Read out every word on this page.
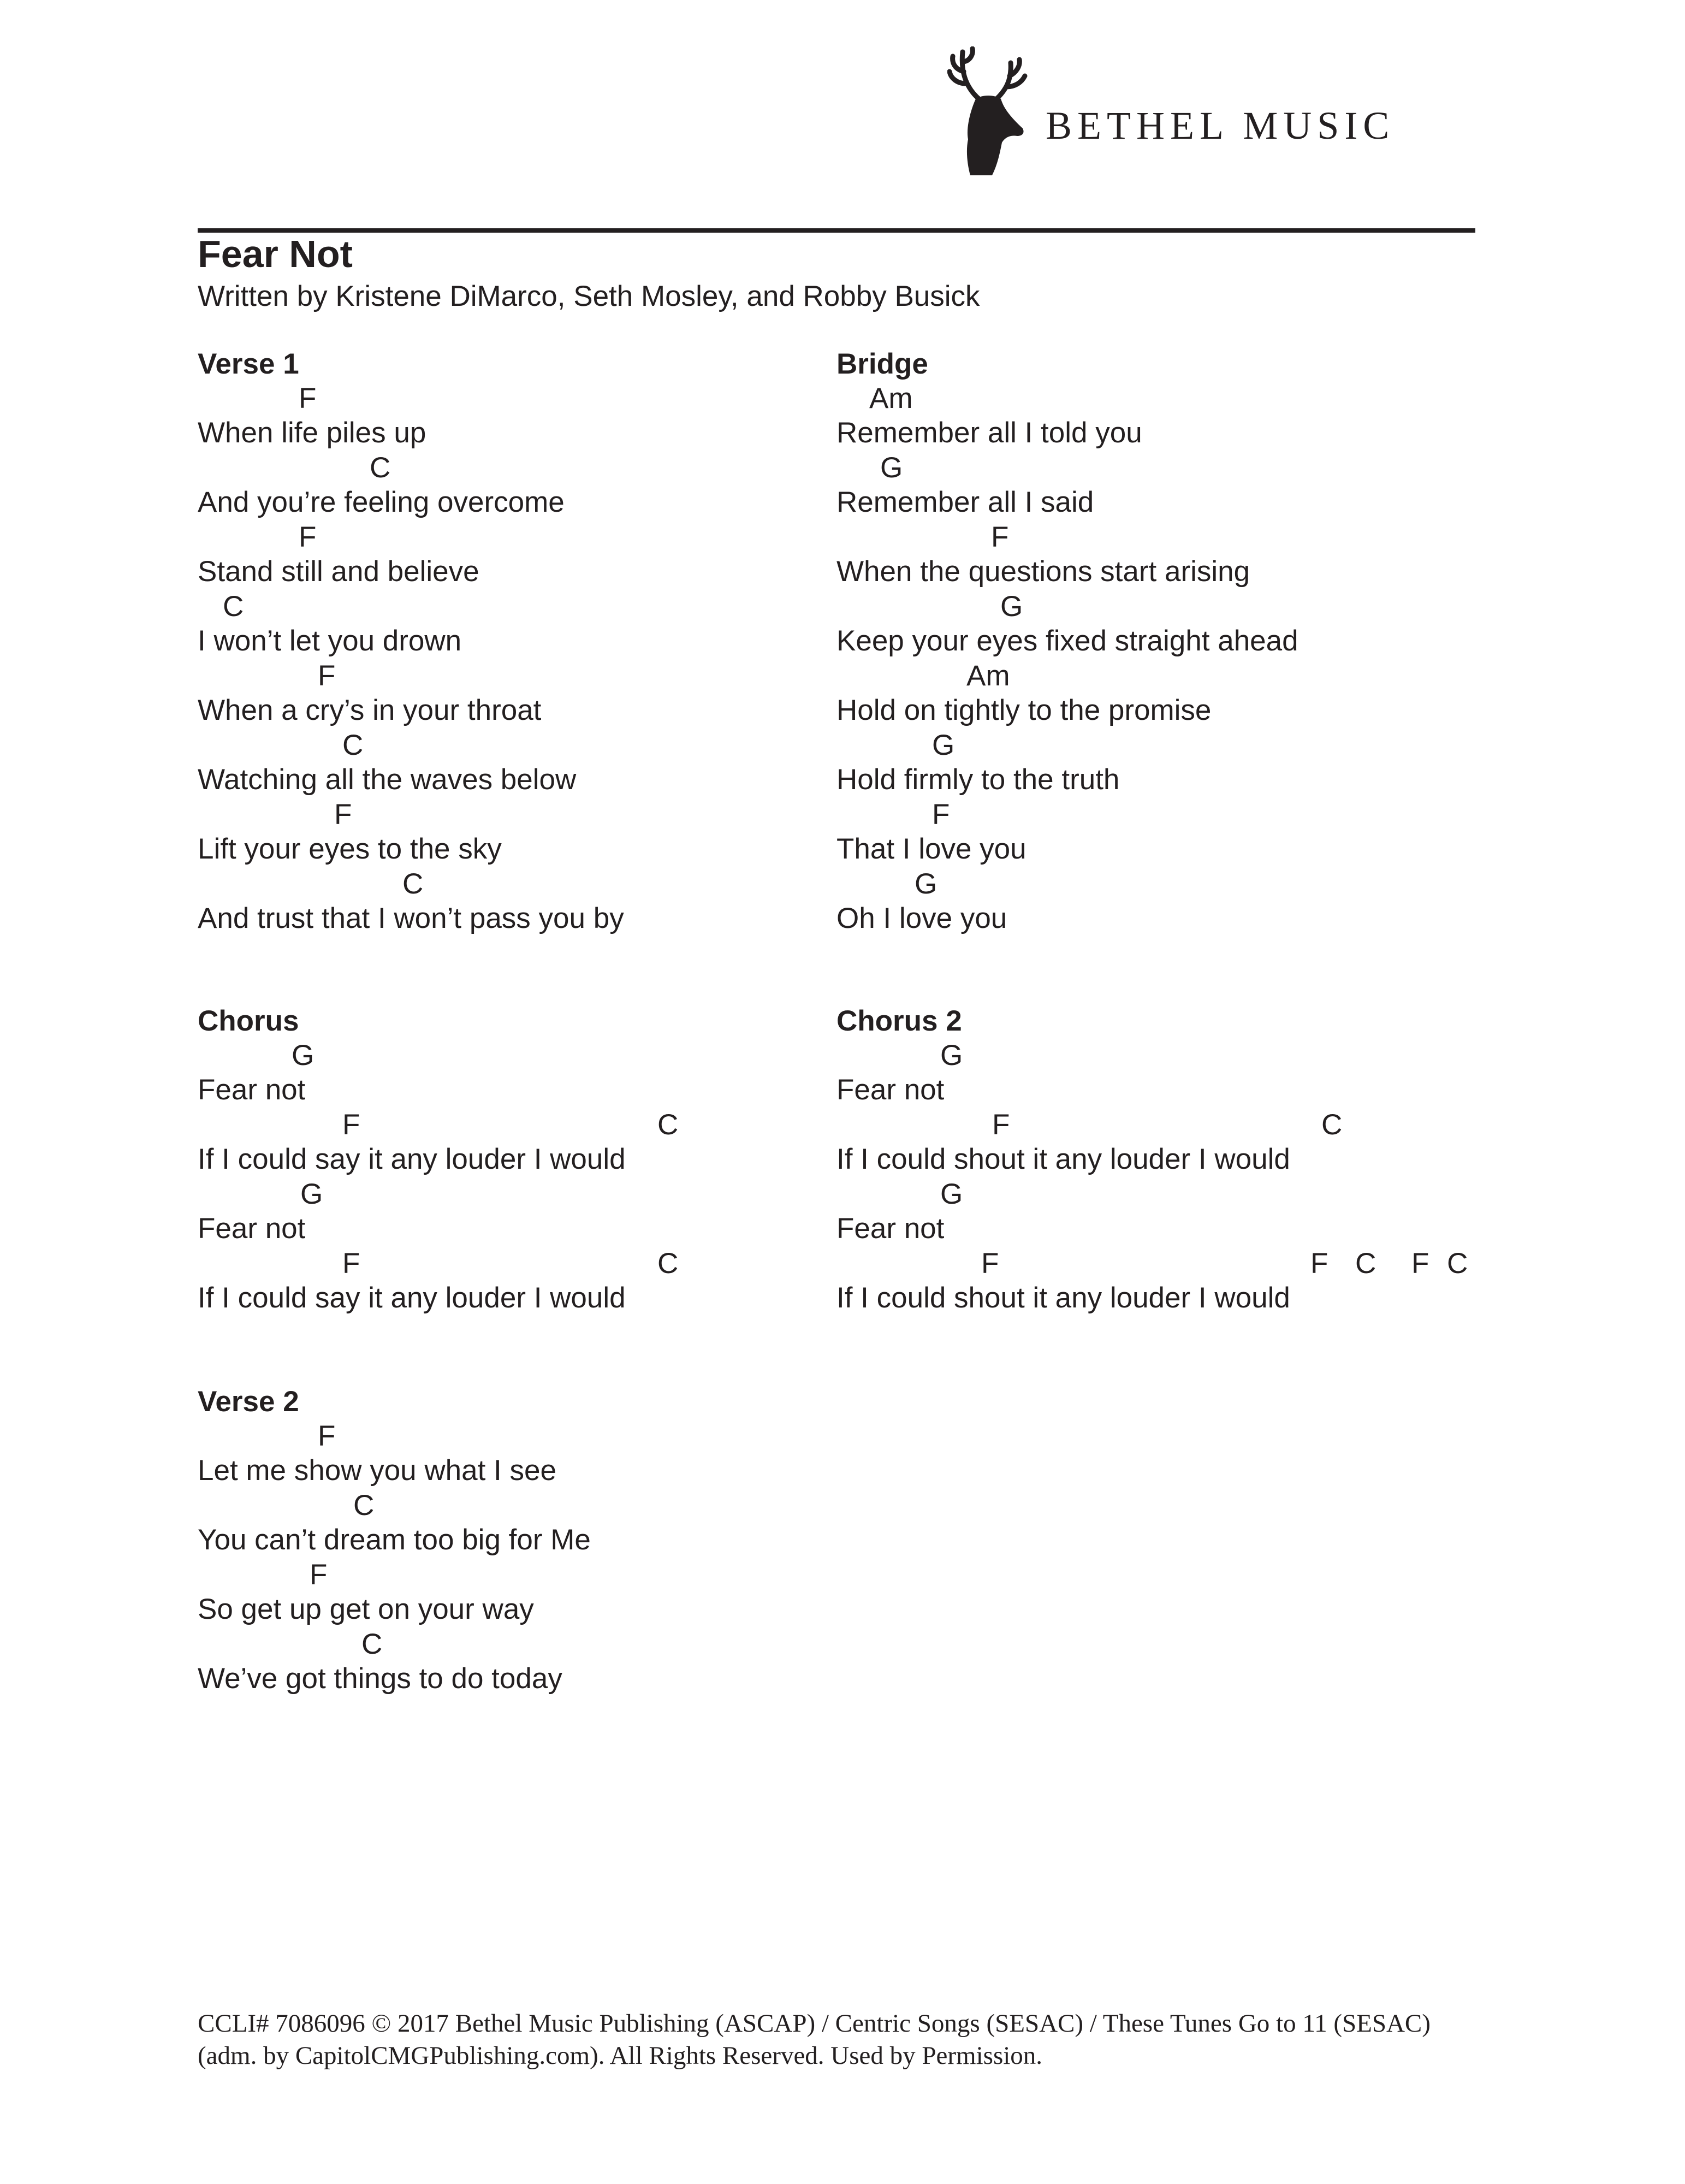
BETHEL MUSIC
Fear Not
Written by Kristene DiMarco, Seth Mosley, and Robby Busick
Verse 1
F
When life piles up
C
And you’re feeling overcome
F
Stand still and believe
C
I won’t let you drown
F
When a cry’s in your throat
C
Watching all the waves below
F
Lift your eyes to the sky
C
And trust that I won’t pass you by
Chorus
G
Fear not
F	C
If I could say it any louder I would
G
Fear not
F	C
If I could say it any louder I would
Verse 2
F
Let me show you what I see
C
You can’t dream too big for Me
F
So get up get on your way
C
We’ve got things to do today
Bridge
Am
Remember all I told you
G
Remember all I said
F
When the questions start arising
G
Keep your eyes fixed straight ahead
Am
Hold on tightly to the promise
G
Hold firmly to the truth
F
That I love you
G
Oh I love you
Chorus 2
G
Fear not
F	C
If I could shout it any louder I would
G
Fear not
F	F C F C
If I could shout it any louder I would
CCLI# 7086096 © 2017 Bethel Music Publishing (ASCAP) / Centric Songs (SESAC) / These Tunes Go to 11 (SESAC) (adm. by CapitolCMGPublishing.com). All Rights Reserved. Used by Permission.
